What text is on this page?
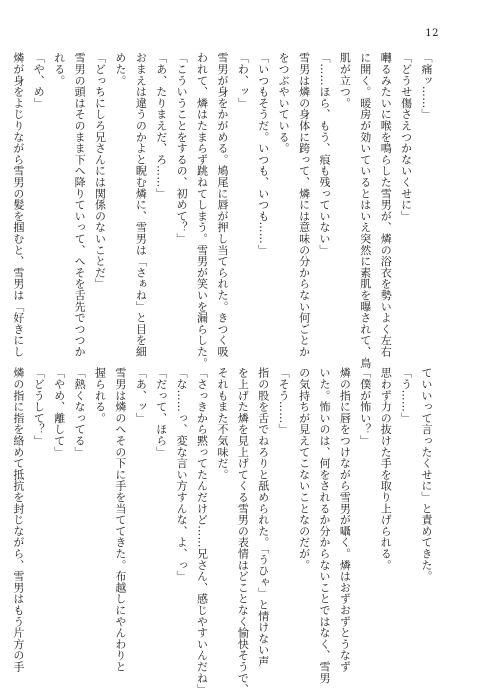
12
「痛ッ……」
「どうせ傷さえつかないくせに」
囀るみたいに喉を鳴らした雪男が、燐の浴衣を勢いよく左右
に開く。暖房が効いているとはいえ突然に素肌を曝されて、鳥
肌が立つ。
「……ほら、もう、痕も残っていない」
雪男は燐の身体に跨って、燐には意味の分からない何ごとか
をつぶやいている。
「いつもそうだ。いつも、いつも……」
「わ、ッ」
雪男が身をかがめる。鳩尾に唇が押し当てられた。きつく吸
われて、燐はたまらず跳ねてしまう。雪男が笑いを漏らした。
「こういうことをするの、初めて？」
「あ、たりまえだ、ろ……」
おまえは違うのかよと睨む燐に、雪男は「さぁね」と目を細
めた。
「どっちにしろ兄さんには関係のないことだ」
雪男の頭はそのまま下へ降りていって、へそを舌先でつつか
れる。
「や、め」
燐が身をよじりながら雪男の髪を掴むと、雪男は「好きにし
ていいって言ったくせに」と責めてきた。
「う……」
思わず力の抜けた手を取り上げられる。
「僕が怖い？」
燐の指に唇をつけながら雪男が囁く。燐はおずおずとうなず
いた。怖いのは、何をされるか分からないことではなく、雪男
の気持ちが見えてこないことなのだが。
「そう……」
指の股を舌でねろりと舐められた。「うひゃ」と情けない声
を上げた燐を見上げてくる雪男の表情はどことなく愉快そうで、
それもまた不気味だ。
「さっきから黙ってたんだけど……兄さん、感じやすいんだね」
「な……っ、変な言い方すんな、よ、っ」
「だって、ほら」
「あ、ッ」
雪男は燐のへその下に手を当ててきた。布越しにやんわりと
握られる。
「熱くなってる」
「やめ、離して」
「どうして？」
燐の指に指を絡めて抵抗を封じながら、雪男はもう片方の手
